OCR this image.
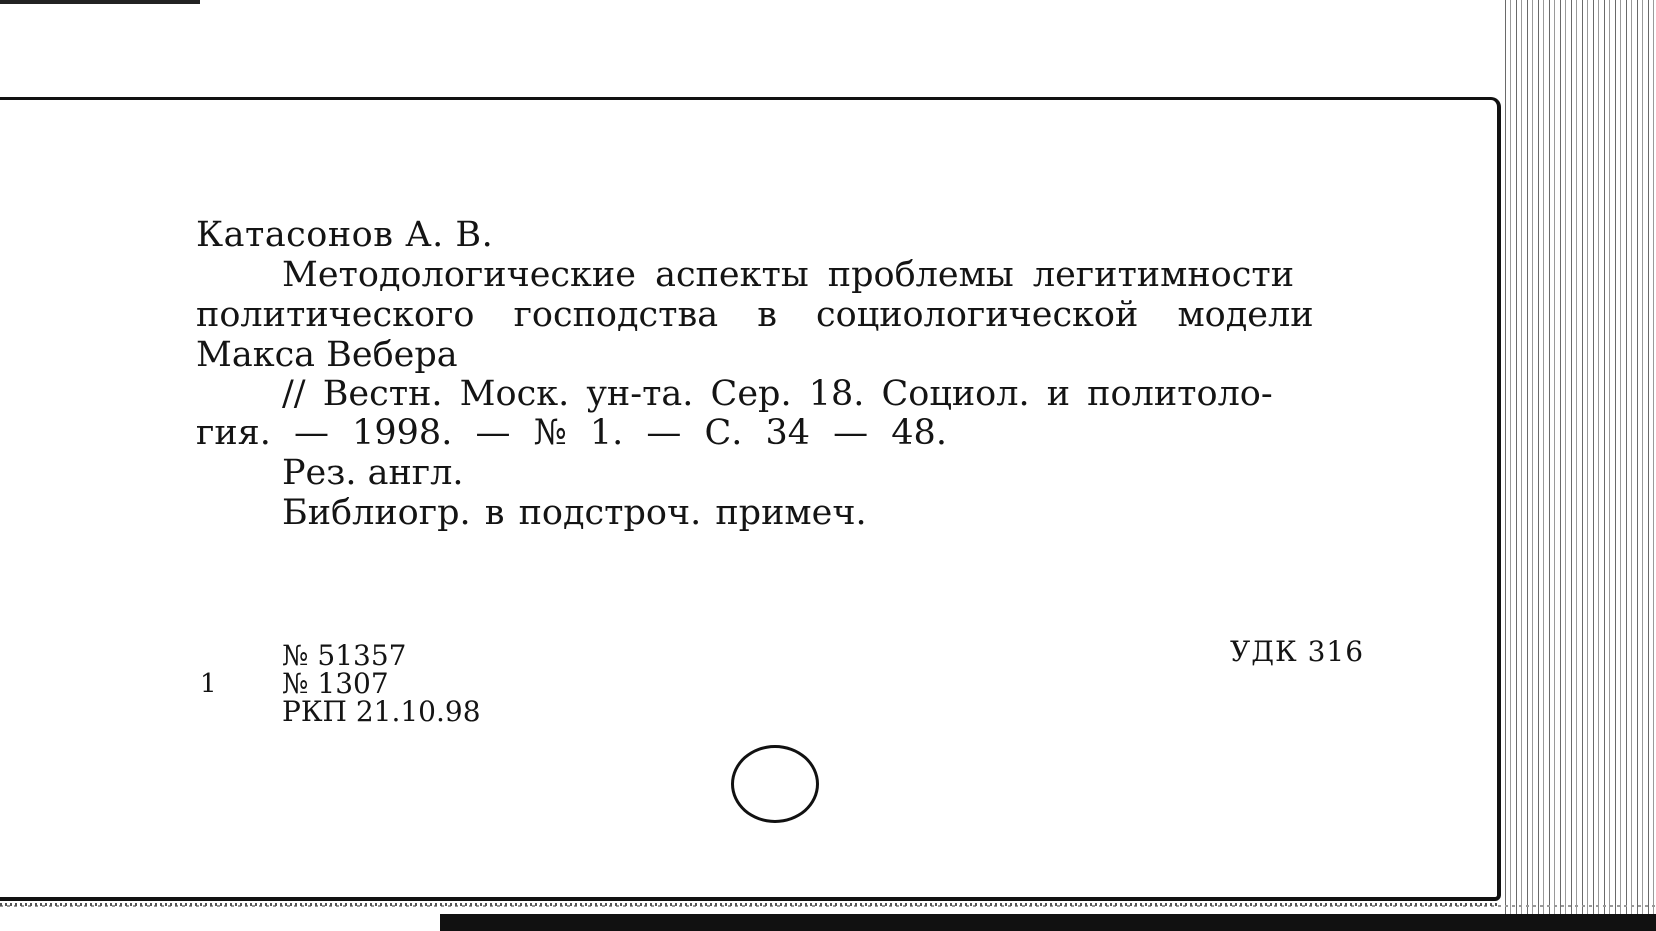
Катасонов А. В.
Методологические аспекты проблемы легитимности
политического господства в социологической модели
Макса Вебера
// Вестн. Моск. ун-та. Сер. 18. Социол. и политоло-
гия. — 1998. — № 1. — С. 34 — 48.
Рез. англ.
Библиогр. в подстроч. примеч.
1
№ 51357
№ 1307
РКП 21.10.98
УДК 316
